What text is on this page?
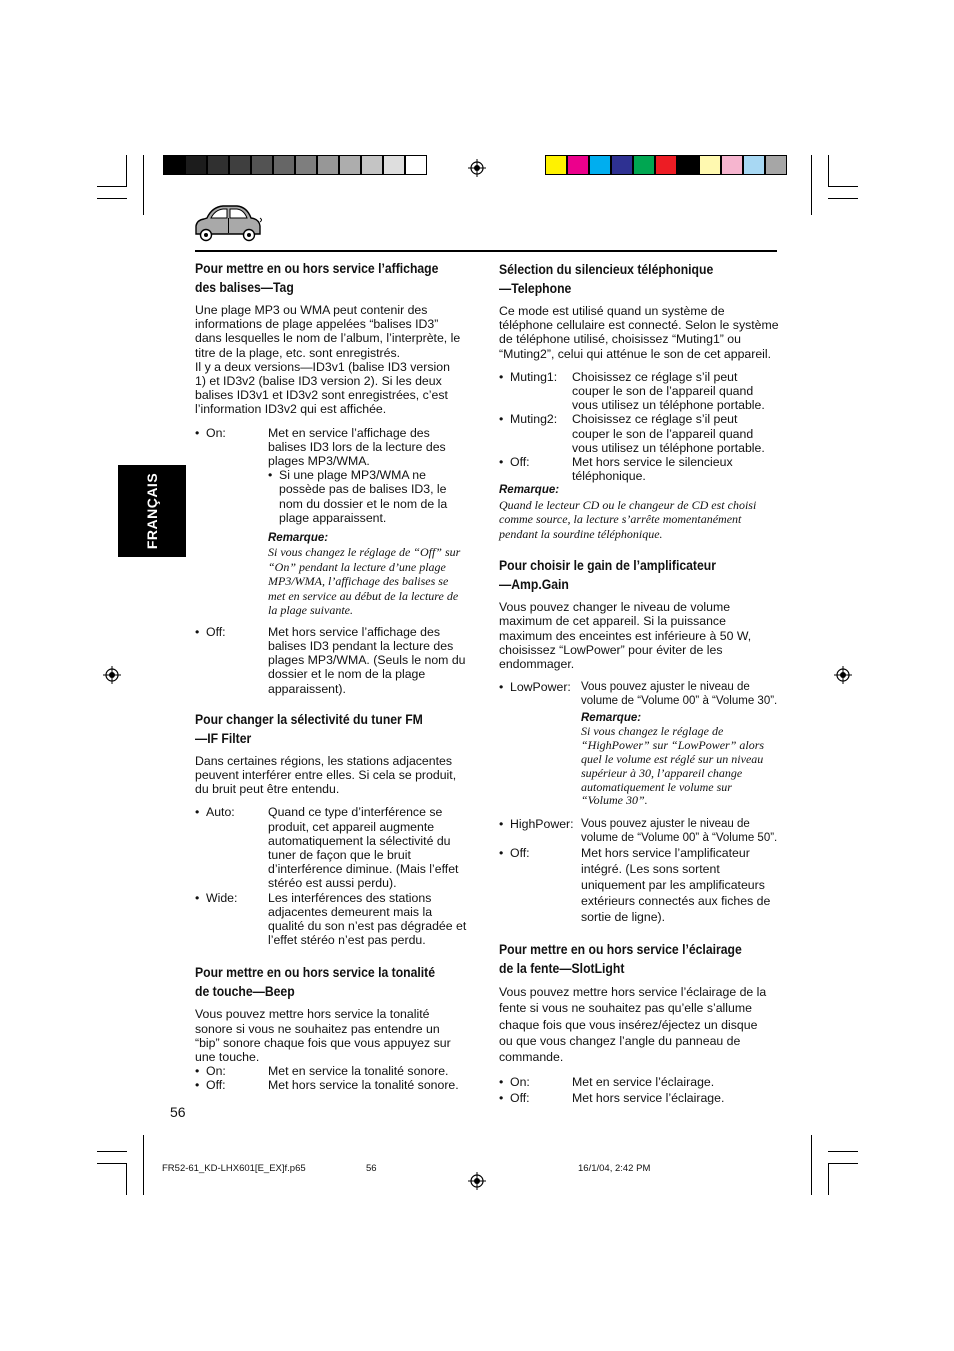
FRANÇAIS
Pour mettre en ou hors service l’affichage
des balises—Tag
Une plage MP3 ou WMA peut contenir des
informations de plage appelées “balises ID3”
dans lesquelles le nom de l’album, l’interprète, le
titre de la plage, etc. sont enregistrés.
Il y a deux versions—ID3v1 (balise ID3 version
1) et ID3v2 (balise ID3 version 2). Si les deux
balises ID3v1 et ID3v2 sont enregistrées, c’est
l’information ID3v2 qui est affichée.
• On:	Met en service l’affichage des
balises ID3 lors de la lecture des
plages MP3/WMA.
• Si une plage MP3/WMA ne
possède pas de balises ID3, le
nom du dossier et le nom de la
plage apparaissent.
Remarque:
Si vous changez le réglage de “Off” sur
“On” pendant la lecture d’une plage
MP3/WMA, l’affichage des balises se
met en service au début de la lecture de
la plage suivante.
• Off:	Met hors service l’affichage des
balises ID3 pendant la lecture des
plages MP3/WMA. (Seuls le nom du
dossier et le nom de la plage
apparaissent).
Pour changer la sélectivité du tuner FM
—IF Filter
Dans certaines régions, les stations adjacentes
peuvent interférer entre elles. Si cela se produit,
du bruit peut être entendu.
• Auto:	Quand ce type d’interférence se
produit, cet appareil augmente
automatiquement la sélectivité du
tuner de façon que le bruit
d’interférence diminue. (Mais l’effet
stéréo est aussi perdu).
• Wide: Les interférences des stations
adjacentes demeurent mais la
qualité du son n’est pas dégradée et
l’effet stéréo n’est pas perdu.
Pour mettre en ou hors service la tonalité
de touche—Beep
Vous pouvez mettre hors service la tonalité
sonore si vous ne souhaitez pas entendre un
“bip” sonore chaque fois que vous appuyez sur
une touche.
• On:	Met en service la tonalité sonore.
• Off:	Met hors service la tonalité sonore.
Sélection du silencieux téléphonique
—Telephone
Ce mode est utilisé quand un système de
téléphone cellulaire est connecté. Selon le système
de téléphone utilisé, choisissez “Muting1” ou
“Muting2”, celui qui atténue le son de cet appareil.
• Muting1: Choisissez ce réglage s’il peut
couper le son de l’appareil quand
vous utilisez un téléphone portable.
• Muting2: Choisissez ce réglage s’il peut
couper le son de l’appareil quand
vous utilisez un téléphone portable.
• Off:	Met hors service le silencieux
téléphonique.
Remarque:
Quand le lecteur CD ou le changeur de CD est choisi
comme source, la lecture s’arrête momentanément
pendant la sourdine téléphonique.
Pour choisir le gain de l’amplificateur
—Amp.Gain
Vous pouvez changer le niveau de volume
maximum de cet appareil. Si la puissance
maximum des enceintes est inférieure à 50 W,
choisissez “LowPower” pour éviter de les
endommager.
• LowPower: Vous pouvez ajuster le niveau de
volume de “Volume 00” à “Volume 30”.
Remarque:
Si vous changez le réglage de
“HighPower” sur “LowPower” alors
quel le volume est réglé sur un niveau
supérieur à 30, l’appareil change
automatiquement le volume sur
“Volume 30”.
• HighPower: Vous pouvez ajuster le niveau de
volume de “Volume 00” à “Volume 50”.
• Off:	Met hors service l’amplificateur
intégré. (Les sons sortent
uniquement par les amplificateurs
extérieurs connectés aux fiches de
sortie de ligne).
Pour mettre en ou hors service l’éclairage
de la fente—SlotLight
Vous pouvez mettre hors service l’éclairage de la
fente si vous ne souhaitez pas qu’elle s’allume
chaque fois que vous insérez/éjectez un disque
ou que vous changez l’angle du panneau de
commande.
• On:	Met en service l’éclairage.
• Off:	Met hors service l’éclairage.
56
FR52-61_KD-LHX601[E_EX]f.p65	56	16/1/04, 2:42 PM
